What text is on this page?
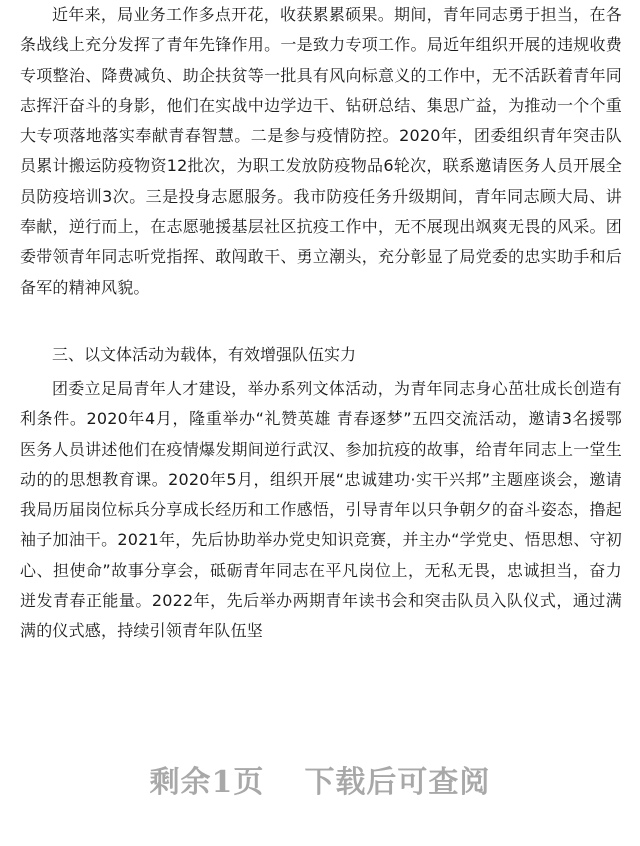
近年来，局业务工作多点开花，收获累累硕果。期间，青年同志勇于担当，在各条战线上充分发挥了青年先锋作用。一是致力专项工作。局近年组织开展的违规收费专项整治、降费减负、助企扶贫等一批具有风向标意义的工作中，无不活跃着青年同志挥汗奋斗的身影，他们在实战中边学边干、钻研总结、集思广益，为推动一个个重大专项落地落实奉献青春智慧。二是参与疫情防控。2020年，团委组织青年突击队员累计搬运防疫物资12批次，为职工发放防疫物品6轮次，联系邀请医务人员开展全员防疫培训3次。三是投身志愿服务。我市防疫任务升级期间，青年同志顾大局、讲奉献，逆行而上，在志愿驰援基层社区抗疫工作中，无不展现出飒爽无畏的风采。团委带领青年同志听党指挥、敢闯敢干、勇立潮头，充分彰显了局党委的忠实助手和后备军的精神风貌。

三、以文体活动为载体，有效增强队伍实力

团委立足局青年人才建设，举办系列文体活动，为青年同志身心茁壮成长创造有利条件。2020年4月，隆重举办“礼赞英雄 青春逐梦”五四交流活动，邀请3名援鄂医务人员讲述他们在疫情爆发期间逆行武汉、参加抗疫的故事，给青年同志上一堂生动的的思想教育课。2020年5月，组织开展“忠诚建功·实干兴邦”主题座谈会，邀请我局历届岗位标兵分享成长经历和工作感悟，引导青年以只争朝夕的奋斗姿态，撸起袖子加油干。2021年，先后协助举办党史知识竞赛，并主办“学党史、悟思想、守初心、担使命”故事分享会，砥砺青年同志在平凡岗位上，无私无畏，忠诚担当，奋力迸发青春正能量。2022年，先后举办两期青年读书会和突击队员入队仪式，通过满满的仪式感，持续引领青年队伍坚

剩余1页 下载后可查阅
